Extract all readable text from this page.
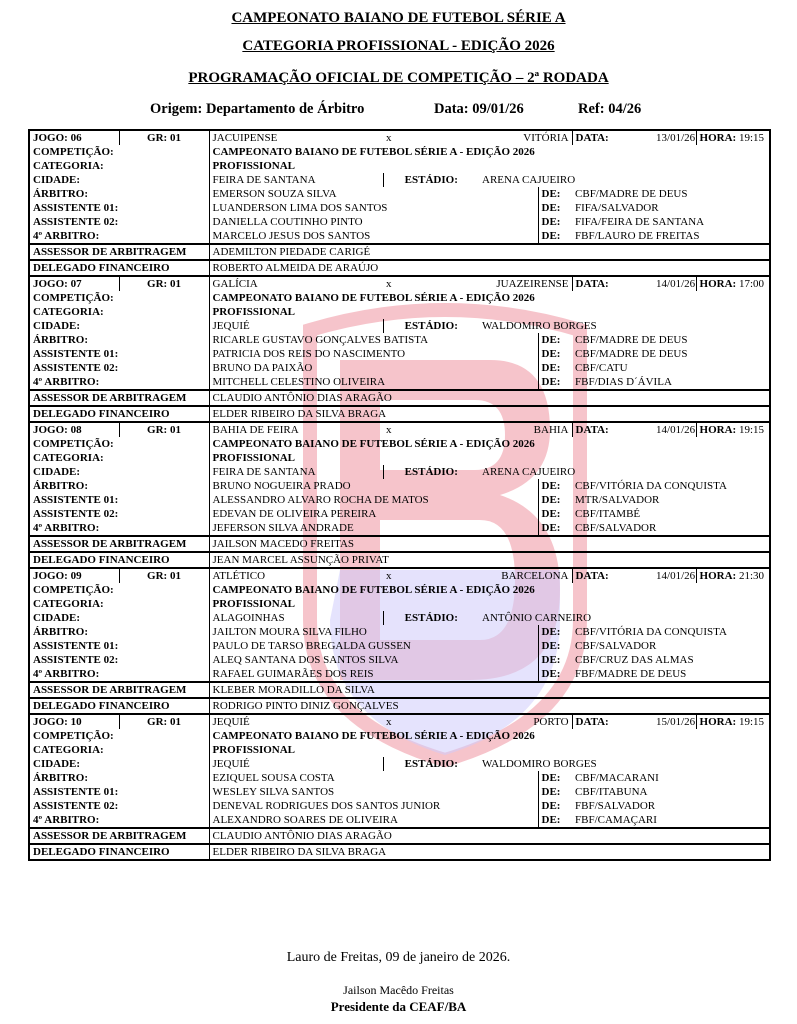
CAMPEONATO BAIANO DE FUTEBOL SÉRIE A
CATEGORIA PROFISSIONAL - EDIÇÃO 2026
PROGRAMAÇÃO OFICIAL DE COMPETIÇÃO – 2ª RODADA
Origem: Departamento de Árbitro	Data: 09/01/26	Ref: 04/26
JOGO: 06	GR: 01	JACUIPENSE	x	VITÓRIA		DATA:	13/01/26	HORA: 19:15
COMPETIÇÃO:		CAMPEONATO BAIANO DE FUTEBOL SÉRIE A - EDIÇÃO 2026						
CATEGORIA:		PROFISSIONAL						
CIDADE:		FEIRA DE SANTANA	ESTÁDIO:	ARENA CAJUEIRO				
ÁRBITRO:		EMERSON SOUZA SILVA			DE:	CBF/MADRE DE DEUS		
ASSISTENTE 01:		LUANDERSON LIMA DOS SANTOS			DE:	FIFA/SALVADOR		
ASSISTENTE 02:		DANIELLA COUTINHO PINTO			DE:	FIFA/FEIRA DE SANTANA		
4º ARBITRO:		MARCELO JESUS DOS SANTOS			DE:	FBF/LAURO DE FREITAS		
ASSESSOR DE ARBITRAGEM		ADEMILTON PIEDADE CARIGÉ						
DELEGADO FINANCEIRO		ROBERTO ALMEIDA DE ARAÚJO						
JOGO: 07	GR: 01	GALÍCIA	x	JUAZEIRENSE		DATA:	14/01/26	HORA: 17:00
COMPETIÇÃO:		CAMPEONATO BAIANO DE FUTEBOL SÉRIE A - EDIÇÃO 2026						
CATEGORIA:		PROFISSIONAL						
CIDADE:		JEQUIÉ	ESTÁDIO:	WALDOMIRO BORGES				
ÁRBITRO:		RICARLE GUSTAVO GONÇALVES BATISTA			DE:	CBF/MADRE DE DEUS		
ASSISTENTE 01:		PATRICIA DOS REIS DO NASCIMENTO			DE:	CBF/MADRE DE DEUS		
ASSISTENTE 02:		BRUNO DA PAIXÃO			DE:	CBF/CATU		
4º ARBITRO:		MITCHELL CELESTINO OLIVEIRA			DE:	FBF/DIAS D´ÁVILA		
ASSESSOR DE ARBITRAGEM		CLAUDIO ANTÔNIO DIAS ARAGÃO						
DELEGADO FINANCEIRO		ELDER RIBEIRO DA SILVA BRAGA						
JOGO: 08	GR: 01	BAHIA DE FEIRA	x	BAHIA		DATA:	14/01/26	HORA: 19:15
COMPETIÇÃO:		CAMPEONATO BAIANO DE FUTEBOL SÉRIE A - EDIÇÃO 2026						
CATEGORIA:		PROFISSIONAL						
CIDADE:		FEIRA DE SANTANA	ESTÁDIO:	ARENA CAJUEIRO				
ÁRBITRO:		BRUNO NOGUEIRA PRADO			DE:	CBF/VITÓRIA DA CONQUISTA		
ASSISTENTE 01:		ALESSANDRO ALVARO ROCHA DE MATOS			DE:	MTR/SALVADOR		
ASSISTENTE 02:		EDEVAN DE OLIVEIRA PEREIRA			DE:	CBF/ITAMBÉ		
4º ARBITRO:		JEFERSON SILVA ANDRADE			DE:	CBF/SALVADOR		
ASSESSOR DE ARBITRAGEM		JAILSON MACEDO FREITAS						
DELEGADO FINANCEIRO		JEAN MARCEL ASSUNÇÃO PRIVAT						
JOGO: 09	GR: 01	ATLÉTICO	x	BARCELONA		DATA:	14/01/26	HORA: 21:30
COMPETIÇÃO:		CAMPEONATO BAIANO DE FUTEBOL SÉRIE A - EDIÇÃO 2026						
CATEGORIA:		PROFISSIONAL						
CIDADE:		ALAGOINHAS	ESTÁDIO:	ANTÔNIO CARNEIRO				
ÁRBITRO:		JAILTON MOURA SILVA FILHO			DE:	CBF/VITÓRIA DA CONQUISTA		
ASSISTENTE 01:		PAULO DE TARSO BREGALDA GUSSEN			DE:	CBF/SALVADOR		
ASSISTENTE 02:		ALEQ SANTANA DOS SANTOS SILVA			DE:	CBF/CRUZ DAS ALMAS		
4º ARBITRO:		RAFAEL GUIMARÃES DOS REIS			DE:	FBF/MADRE DE DEUS		
ASSESSOR DE ARBITRAGEM		KLEBER MORADILLO DA SILVA						
DELEGADO FINANCEIRO		RODRIGO PINTO DINIZ GONÇALVES						
JOGO: 10	GR: 01	JEQUIÉ	x	PORTO		DATA:	15/01/26	HORA: 19:15
COMPETIÇÃO:		CAMPEONATO BAIANO DE FUTEBOL SÉRIE A - EDIÇÃO 2026						
CATEGORIA:		PROFISSIONAL						
CIDADE:		JEQUIÉ	ESTÁDIO:	WALDOMIRO BORGES				
ÁRBITRO:		EZIQUEL SOUSA COSTA			DE:	CBF/MACARANI		
ASSISTENTE 01:		WESLEY SILVA SANTOS			DE:	CBF/ITABUNA		
ASSISTENTE 02:		DENEVAL RODRIGUES DOS SANTOS JUNIOR			DE:	FBF/SALVADOR		
4º ARBITRO:		ALEXANDRO SOARES DE OLIVEIRA			DE:	FBF/CAMAÇARI		
ASSESSOR DE ARBITRAGEM		CLAUDIO ANTÔNIO DIAS ARAGÃO						
DELEGADO FINANCEIRO		ELDER RIBEIRO DA SILVA BRAGA						
Lauro de Freitas, 09 de janeiro de 2026.
Jailson Macêdo Freitas
Presidente da CEAF/BA
